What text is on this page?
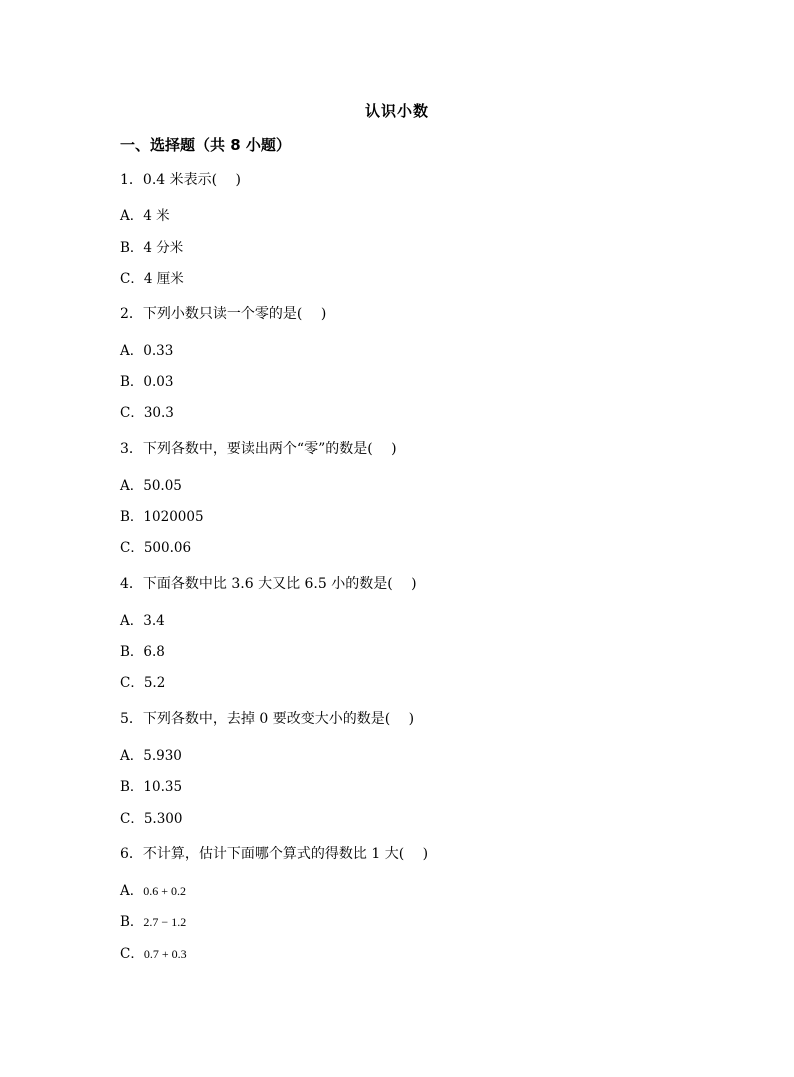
认识小数
一、选择题（共 8 小题）
1．0.4 米表示(　 )
A．4 米
B．4 分米
C．4 厘米
2．下列小数只读一个零的是(　 )
A．0.33
B．0.03
C．30.3
3．下列各数中，要读出两个“零”的数是(　 )
A．50.05
B．1020005
C．500.06
4．下面各数中比 3.6 大又比 6.5 小的数是(　 )
A．3.4
B．6.8
C．5.2
5．下列各数中，去掉 0 要改变大小的数是(　 )
A．5.930
B．10.35
C．5.300
6．不计算，估计下面哪个算式的得数比 1 大(　 )
A．0.6 + 0.2
B．2.7 − 1.2
C．0.7 + 0.3
